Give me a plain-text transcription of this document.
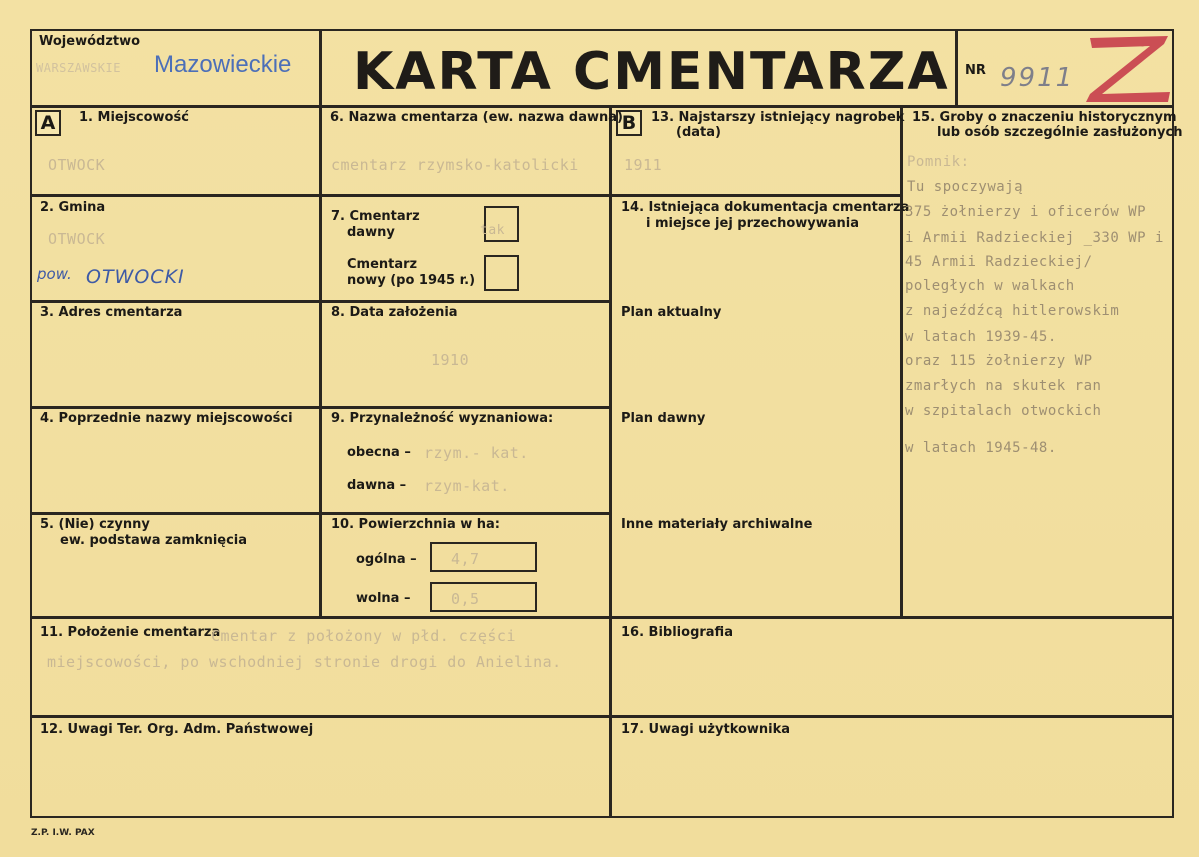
Województwo
WARSZAWSKIE Mazowieckie KARTA CMENTARZA NR 9911
A	B
1. Miejscowość
OTWOCK
2. Gmina
OTWOCK
pow. OTWOCKI
3. Adres cmentarza
4. Poprzednie nazwy miejscowości
5. (Nie) czynny
ew. podstawa zamknięcia
6. Nazwa cmentarza (ew. nazwa dawna)
cmentarz rzymsko-katolicki
7. Cmentarz
dawny	tak
Cmentarz
nowy (po 1945 r.)
8. Data założenia
1910
9. Przynależność wyznaniowa:
obecna – rzym.- kat.
dawna – rzym-kat.
10. Powierzchnia w ha:
ogólna – 4,7
wolna –	0,5
13. Najstarszy istniejący nagrobek
(data)
1911
14. Istniejąca dokumentacja cmentarza
i miejsce jej przechowywania
Plan aktualny
Plan dawny
Inne materiały archiwalne
15. Groby o znaczeniu historycznym
lub osób szczególnie zasłużonych
Pomnik:
Tu spoczywają
375 żołnierzy i oficerów WP
i Armii Radzieckiej _330 WP i
45 Armii Radzieckiej/
poległych w walkach
z najeźdźcą hitlerowskim
w latach 1939-45.
oraz 115 żołnierzy WP
zmarłych na skutek ran
w szpitalach otwockich
w latach 1945-48.
11. Położenie cmentarza
Cmentar z położony w płd. części
miejscowości, po wschodniej stronie drogi do Anielina.
12. Uwagi Ter. Org. Adm. Państwowej
16. Bibliografia
17. Uwagi użytkownika
Z.P. I.W. PAX
